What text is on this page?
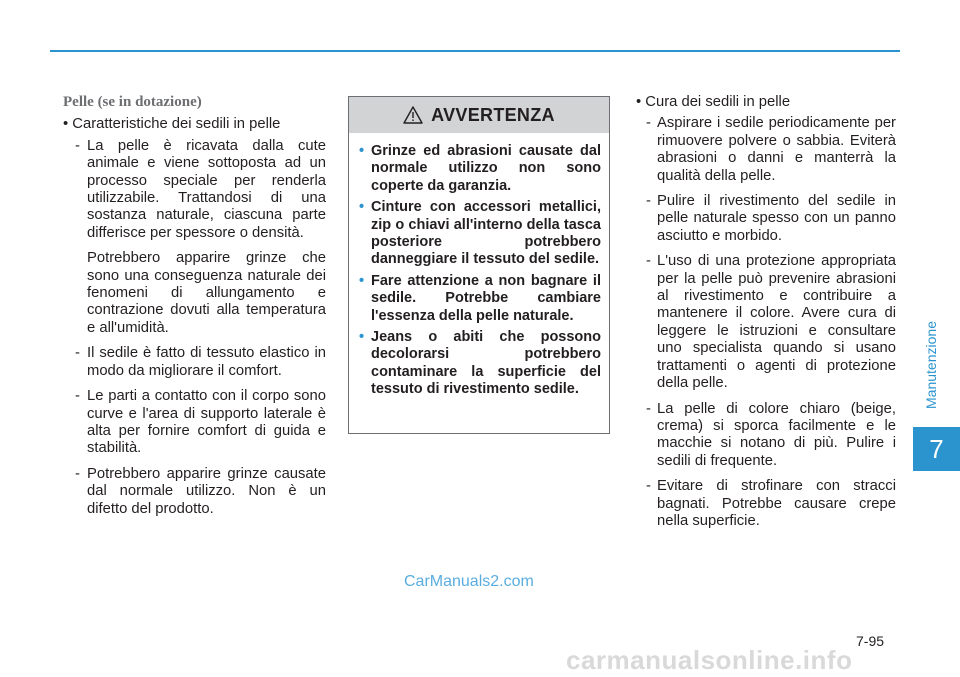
Pelle (se in dotazione)
• Caratteristiche dei sedili in pelle
- La pelle è ricavata dalla cute animale e viene sottoposta ad un processo speciale per renderla utilizzabile. Trattandosi di una sostanza naturale, ciascuna parte differisce per spessore o densità.
Potrebbero apparire grinze che sono una conseguenza naturale dei fenomeni di allungamento e contrazione dovuti alla temperatura e all'umidità.
- Il sedile è fatto di tessuto elastico in modo da migliorare il comfort.
- Le parti a contatto con il corpo sono curve e l'area di supporto laterale è alta per fornire comfort di guida e stabilità.
- Potrebbero apparire grinze causate dal normale utilizzo. Non è un difetto del prodotto.
AVVERTENZA
• Grinze ed abrasioni causate dal normale utilizzo non sono coperte da garanzia.
• Cinture con accessori metallici, zip o chiavi all'interno della tasca posteriore potrebbero danneggiare il tessuto del sedile.
• Fare attenzione a non bagnare il sedile. Potrebbe cambiare l'essenza della pelle naturale.
• Jeans o abiti che possono decolorarsi potrebbero contaminare la superficie del tessuto di rivestimento sedile.
• Cura dei sedili in pelle
- Aspirare i sedile periodicamente per rimuovere polvere o sabbia. Eviterà abrasioni o danni e manterrà la qualità della pelle.
- Pulire il rivestimento del sedile in pelle naturale spesso con un panno asciutto e morbido.
- L'uso di una protezione appropriata per la pelle può prevenire abrasioni al rivestimento e contribuire a mantenere il colore. Avere cura di leggere le istruzioni e consultare uno specialista quando si usano trattamenti o agenti di protezione della pelle.
- La pelle di colore chiaro (beige, crema) si sporca facilmente e le macchie si notano di più. Pulire i sedili di frequente.
- Evitare di strofinare con stracci bagnati. Potrebbe causare crepe nella superficie.
Manutenzione
7
CarManuals2.com
7-95
carmanualsonline.info
